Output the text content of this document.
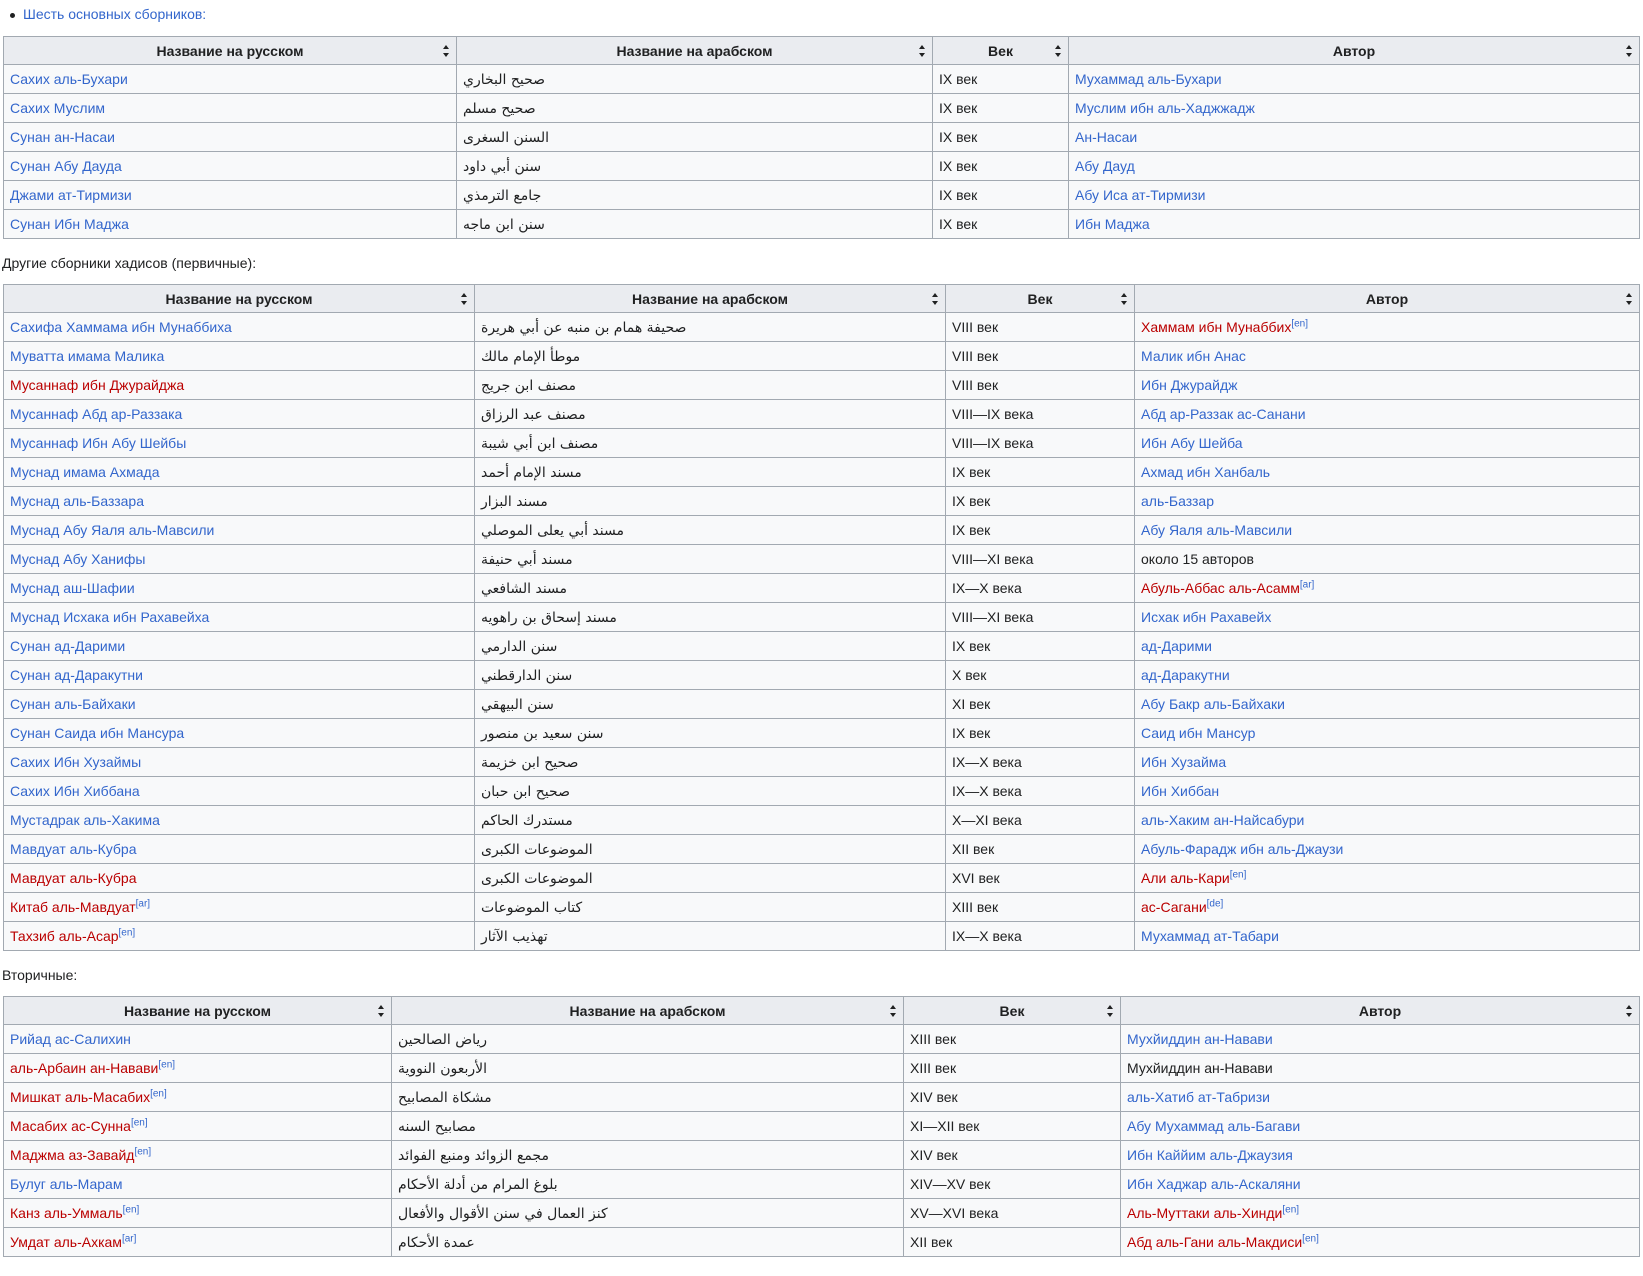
Шесть основных сборников:
Название на русском	Название на арабском	Век	Автор

Сахих аль-Бухари	صحيح البخاري	IX век	Мухаммад аль-Бухари
Сахих Муслим	صحيح مسلم	IX век	Муслим ибн аль-Хаджжадж
Сунан ан-Насаи	السنن السغرى	IX век	Ан-Насаи
Сунан Абу Дауда	سنن أبي داود	IX век	Абу Дауд
Джами ат-Тирмизи	جامع الترمذي	IX век	Абу Иса ат-Тирмизи
Сунан Ибн Маджа	سنن ابن ماجه	IX век	Ибн Маджа
Другие сборники хадисов (первичные):
Название на русском	Название на арабском	Век	Автор

Сахифа Хаммама ибн Мунаббиха	صحيفة همام بن منبه عن أبي هريرة	VIII век	Хаммам ибн Мунаббих[en]
Муватта имама Малика	موطأ الإمام مالك	VIII век	Малик ибн Анас
Мусаннаф ибн Джурайджа	مصنف ابن جريج	VIII век	Ибн Джурайдж
Мусаннаф Абд ар-Раззака	مصنف عبد الرزاق	VIII—IX века	Абд ар-Раззак ас-Санани
Мусаннаф Ибн Абу Шейбы	مصنف ابن أبي شيبة	VIII—IX века	Ибн Абу Шейба
Муснад имама Ахмада	مسند الإمام أحمد	IX век	Ахмад ибн Ханбаль
Муснад аль-Баззара	مسند البزار	IX век	аль-Баззар
Муснад Абу Яаля аль-Мавсили	مسند أبي يعلى الموصلي	IX век	Абу Яаля аль-Мавсили
Муснад Абу Ханифы	مسند أبي حنيفة	VIII—XI века	около 15 авторов
Муснад аш-Шафии	مسند الشافعي	IX—X века	Абуль-Аббас аль-Асамм[ar]
Муснад Исхака ибн Рахавейха	مسند إسحاق بن راهويه	VIII—XI века	Исхак ибн Рахавейх
Сунан ад-Дарими	سنن الدارمي	IX век	ад-Дарими
Сунан ад-Даракутни	سنن الدارقطني	X век	ад-Даракутни
Сунан аль-Байхаки	سنن البيهقي	XI век	Абу Бакр аль-Байхаки
Сунан Саида ибн Мансура	سنن سعيد بن منصور	IX век	Саид ибн Мансур
Сахих Ибн Хузаймы	صحيح ابن خزيمة	IX—X века	Ибн Хузайма
Сахих Ибн Хиббана	صحيح ابن حبان	IX—X века	Ибн Хиббан
Мустадрак аль-Хакима	مستدرك الحاكم	X—XI века	аль-Хаким ан-Найсабури
Мавдуат аль-Кубра	الموضوعات الكبرى	XII век	Абуль-Фарадж ибн аль-Джаузи
Мавдуат аль-Кубра	الموضوعات الكبرى	XVI век	Али аль-Кари[en]
Китаб аль-Мавдуат[ar]	كتاب الموضوعات	XIII век	ас-Сагани[de]
Тахзиб аль-Асар[en]	تهذيب الآثار	IX—X века	Мухаммад ат-Табари
Вторичные:
Название на русском	Название на арабском	Век	Автор

Рийад ас-Салихин	رياض الصالحين	XIII век	Мухйиддин ан-Навави
аль-Арбаин ан-Навави[en]	الأربعون النووية	XIII век	Мухйиддин ан-Навави
Мишкат аль-Масабих[en]	مشكاة المصابيح	XIV век	аль-Хатиб ат-Табризи
Масабих ас-Сунна[en]	مصابيح السنه	XI—XII век	Абу Мухаммад аль-Багави
Маджма аз-Завайд[en]	مجمع الزوائد ومنبع الفوائد	XIV век	Ибн Каййим аль-Джаузия
Булуг аль-Марам	بلوغ المرام من أدلة الأحكام	XIV—XV век	Ибн Хаджар аль-Аскаляни
Канз аль-Уммаль[en]	كنز العمال في سنن الأقوال والأفعال	XV—XVI века	Аль-Муттаки аль-Хинди[en]
Умдат аль-Ахкам[ar]	عمدة الأحكام	XII век	Абд аль-Гани аль-Макдиси[en]
